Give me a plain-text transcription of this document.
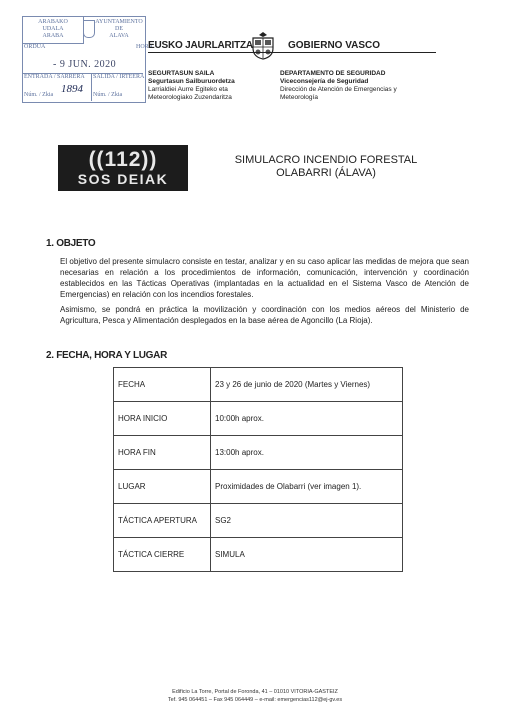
ARABAKO
UDALA
ARABA
AYUNTAMIENTO
DE
ALAVA
ORDUA	HORA
- 9 JUN. 2020
ENTRADA / SARRERA SALIDA / IRTEERA
Núm. / Zkia 1894 Núm. / Zkia
EUSKO JAURLARITZA	GOBIERNO VASCO
SEGURTASUN SAILA
Segurtasun Sailburuordetza
Larrialdiei Aurre Egiteko eta
Meteorologiako Zuzendaritza
DEPARTAMENTO DE SEGURIDAD
Viceconsejería de Seguridad
Dirección de Atención de Emergencias y
Meteorología
((112))
SOS DEIAK
SIMULACRO INCENDIO FORESTAL
OLABARRI (ÁLAVA)
1. OBJETO
El objetivo del presente simulacro consiste en testar, analizar y en su caso aplicar las medidas de mejora que sean necesarias en relación a los procedimientos de información, comunicación, intervención y coordinación establecidos en las Tácticas Operativas (implantadas en la actualidad en el Sistema Vasco de Atención de Emergencias) en relación con los incendios forestales.
Asimismo, se pondrá en práctica la movilización y coordinación con los medios aéreos del Ministerio de Agricultura, Pesca y Alimentación desplegados en la base aérea de Agoncillo (La Rioja).
2. FECHA, HORA Y LUGAR
FECHA	23 y 26 de junio de 2020 (Martes y Viernes)
HORA INICIO	10:00h aprox.
HORA FIN	13:00h aprox.
LUGAR	Proximidades de Olabarri (ver imagen 1).
TÁCTICA APERTURA	SG2
TÁCTICA CIERRE	SIMULA
Edificio La Torre, Portal de Foronda, 41 – 01010 VITORIA-GASTEIZ
Tef. 945 064451 – Fax 945 064449 – e-mail: emergencias112@ej-gv.es
